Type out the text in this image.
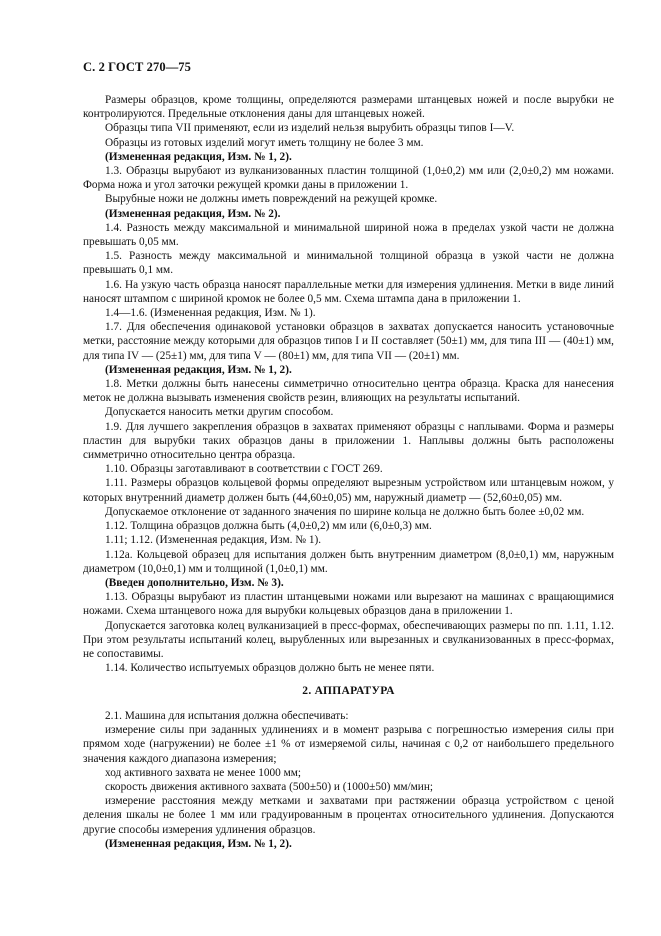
С. 2 ГОСТ 270—75

Размеры образцов, кроме толщины, определяются размерами штанцевых ножей и после вырубки не контролируются. Предельные отклонения даны для штанцевых ножей.

Образцы типа VII применяют, если из изделий нельзя вырубить образцы типов I—V.

Образцы из готовых изделий могут иметь толщину не более 3 мм.

(Измененная редакция, Изм. № 1, 2).

1.3. Образцы вырубают из вулканизованных пластин толщиной (1,0±0,2) мм или (2,0±0,2) мм ножами. Форма ножа и угол заточки режущей кромки даны в приложении 1.

Вырубные ножи не должны иметь повреждений на режущей кромке.

(Измененная редакция, Изм. № 2).

1.4. Разность между максимальной и минимальной шириной ножа в пределах узкой части не должна превышать 0,05 мм.

1.5. Разность между максимальной и минимальной толщиной образца в узкой части не должна превышать 0,1 мм.

1.6. На узкую часть образца наносят параллельные метки для измерения удлинения. Метки в виде линий наносят штампом с шириной кромок не более 0,5 мм. Схема штампа дана в приложении 1.

1.4—1.6. (Измененная редакция, Изм. № 1).

1.7. Для обеспечения одинаковой установки образцов в захватах допускается наносить установочные метки, расстояние между которыми для образцов типов I и II составляет (50±1) мм, для типа III — (40±1) мм, для типа IV — (25±1) мм, для типа V — (80±1) мм, для типа VII — (20±1) мм.

(Измененная редакция, Изм. № 1, 2).

1.8. Метки должны быть нанесены симметрично относительно центра образца. Краска для нанесения меток не должна вызывать изменения свойств резин, влияющих на результаты испытаний.

Допускается наносить метки другим способом.

1.9. Для лучшего закрепления образцов в захватах применяют образцы с наплывами. Форма и размеры пластин для вырубки таких образцов даны в приложении 1. Наплывы должны быть расположены симметрично относительно центра образца.

1.10. Образцы заготавливают в соответствии с ГОСТ 269.

1.11. Размеры образцов кольцевой формы определяют вырезным устройством или штанцевым ножом, у которых внутренний диаметр должен быть (44,60±0,05) мм, наружный диаметр — (52,60±0,05) мм.

Допускаемое отклонение от заданного значения по ширине кольца не должно быть более ±0,02 мм.

1.12. Толщина образцов должна быть (4,0±0,2) мм или (6,0±0,3) мм.

1.11; 1.12. (Измененная редакция, Изм. № 1).

1.12а. Кольцевой образец для испытания должен быть внутренним диаметром (8,0±0,1) мм, наружным диаметром (10,0±0,1) мм и толщиной (1,0±0,1) мм.

(Введен дополнительно, Изм. № 3).

1.13. Образцы вырубают из пластин штанцевыми ножами или вырезают на машинах с вращающимися ножами. Схема штанцевого ножа для вырубки кольцевых образцов дана в приложении 1.

Допускается заготовка колец вулканизацией в пресс-формах, обеспечивающих размеры по пп. 1.11, 1.12. При этом результаты испытаний колец, вырубленных или вырезанных и свулканизованных в пресс-формах, не сопоставимы.

1.14. Количество испытуемых образцов должно быть не менее пяти.

2. АППАРАТУРА

2.1. Машина для испытания должна обеспечивать:

измерение силы при заданных удлинениях и в момент разрыва с погрешностью измерения силы при прямом ходе (нагружении) не более ±1 % от измеряемой силы, начиная с 0,2 от наибольшего предельного значения каждого диапазона измерения;

ход активного захвата не менее 1000 мм;

скорость движения активного захвата (500±50) и (1000±50) мм/мин;

измерение расстояния между метками и захватами при растяжении образца устройством с ценой деления шкалы не более 1 мм или градуированным в процентах относительного удлинения. Допускаются другие способы измерения удлинения образцов.

(Измененная редакция, Изм. № 1, 2).
